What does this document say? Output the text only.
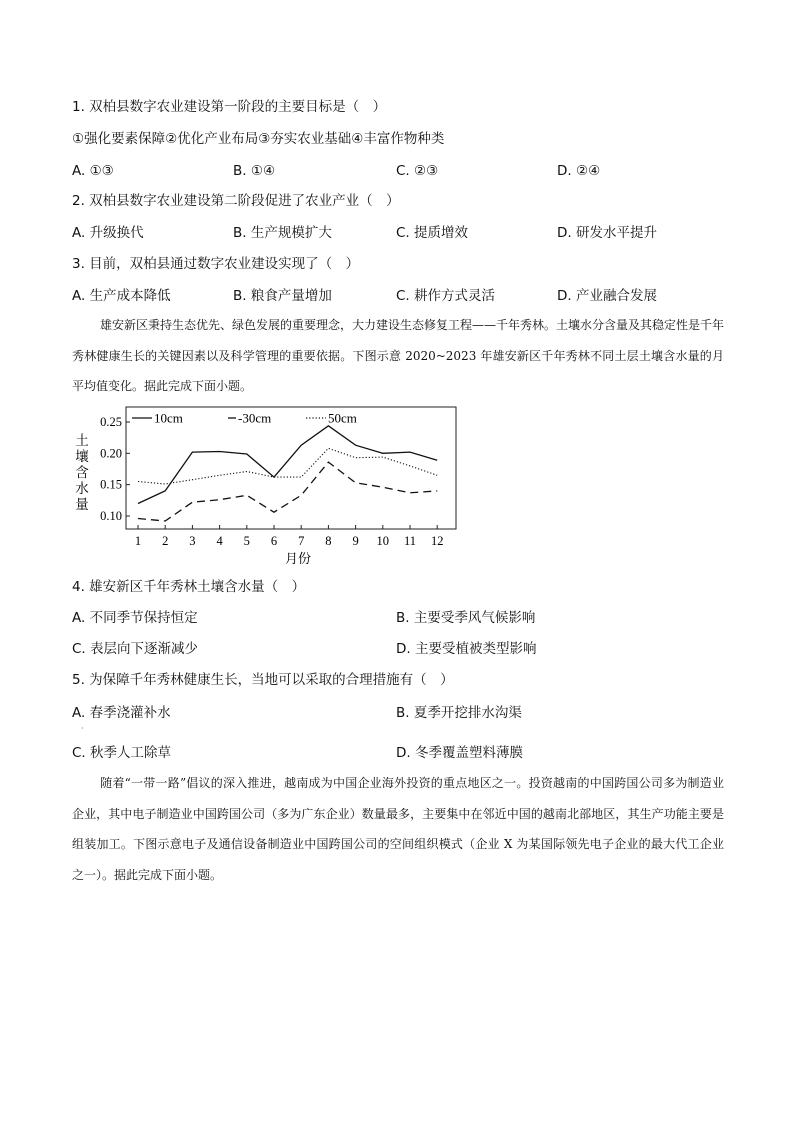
1. 双柏县数字农业建设第一阶段的主要目标是（　）
①强化要素保障②优化产业布局③夯实农业基础④丰富作物种类
A. ①③	B. ①④	C. ②③	D. ②④
2. 双柏县数字农业建设第二阶段促进了农业产业（　）
A. 升级换代	B. 生产规模扩大	C. 提质增效	D. 研发水平提升
3. 目前，双柏县通过数字农业建设实现了（　）
A. 生产成本降低	B. 粮食产量增加	C. 耕作方式灵活	D. 产业融合发展
雄安新区秉持生态优先、绿色发展的重要理念，大力建设生态修复工程——千年秀林。土壤水分含量及其稳定性是千年秀林健康生长的关键因素以及科学管理的重要依据。下图示意 2020~2023 年雄安新区千年秀林不同土层土壤含水量的月平均值变化。据此完成下面小题。
0.25
0.20
0.15
0.10
1 2 3 4 5 6 7 8 9 10 11 12
10cm	-30cm	50cm
土
壤
含
水
量
月份
4. 雄安新区千年秀林土壤含水量（　）
A. 不同季节保持恒定	B. 主要受季风气候影响
C. 表层向下逐渐减少	D. 主要受植被类型影响
5. 为保障千年秀林健康生长，当地可以采取的合理措施有（　）
A. 春季浇灌补水	B. 夏季开挖排水沟渠
·
C. 秋季人工除草	D. 冬季覆盖塑料薄膜
随着“一带一路”倡议的深入推进，越南成为中国企业海外投资的重点地区之一。投资越南的中国跨国公司多为制造业企业，其中电子制造业中国跨国公司（多为广东企业）数量最多，主要集中在邻近中国的越南北部地区，其生产功能主要是组装加工。下图示意电子及通信设备制造业中国跨国公司的空间组织模式（企业 X 为某国际领先电子企业的最大代工企业之一）。据此完成下面小题。
